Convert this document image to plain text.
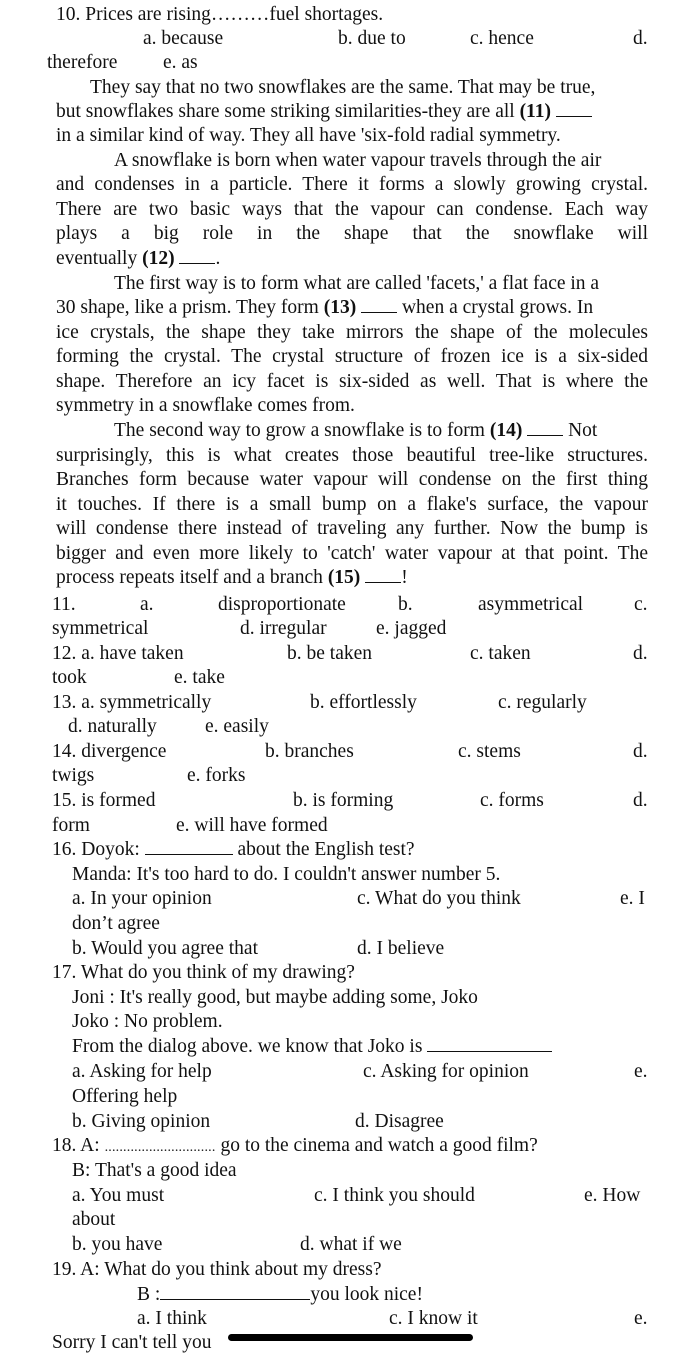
10. Prices are rising………fuel shortages.
a. because	b. due to	c. hence	d.
therefore e. as
They say that no two snowflakes are the same. That may be true,
but snowflakes share some striking similarities-they are all (11)
in a similar kind of way. They all have 'six-fold radial symmetry.
A snowflake is born when water vapour travels through the air
and condenses in a particle. There it forms a slowly growing crystal.
There are two basic ways that the vapour can condense. Each way
plays a big role in the shape that the snowflake will
eventually (12) .
The first way is to form what are called 'facets,' a flat face in a
30 shape, like a prism. They form (13)  when a crystal grows. In
ice crystals, the shape they take mirrors the shape of the molecules
forming the crystal. The crystal structure of frozen ice is a six-sided
shape. Therefore an icy facet is six-sided as well. That is where the
symmetry in a snowflake comes from.
The second way to grow a snowflake is to form (14)  Not
surprisingly, this is what creates those beautiful tree-like structures.
Branches form because water vapour will condense on the first thing
it touches. If there is a small bump on a flake's surface, the vapour
will condense there instead of traveling any further. Now the bump is
bigger and even more likely to 'catch' water vapour at that point. The
process repeats itself and a branch (15) !
11.	a.	disproportionate	b.	asymmetrical	c.
symmetrical	d. irregular	e. jagged
12. a. have taken	b. be taken	c. taken	d.
took	e. take
13. a. symmetrically	b. effortlessly	c. regularly
d. naturally e. easily
14. divergence	b. branches	c. stems	d.
twigs	e. forks
15. is formed	b. is forming	c. forms	d.
form	e. will have formed
16. Doyok:	about the English test?
Manda: It's too hard to do. I couldn't answer number 5.
a. In your opinion	c. What do you think	e. I
don’t agree
b. Would you agree that	d. I believe
17. What do you think of my drawing?
Joni : It's really good, but maybe adding some, Joko
Joko : No problem.
From the dialog above. we know that Joko is
a. Asking for help	c. Asking for opinion	e.
Offering help
b. Giving opinion	d. Disagree
18. A: .............................. go to the cinema and watch a good film?
B: That's a good idea
a. You must	c. I think you should	e. How
about
b. you have	d. what if we
19. A: What do you think about my dress?
B :	you look nice!
a. I think	c. I know it	e.
Sorry I can't tell you
